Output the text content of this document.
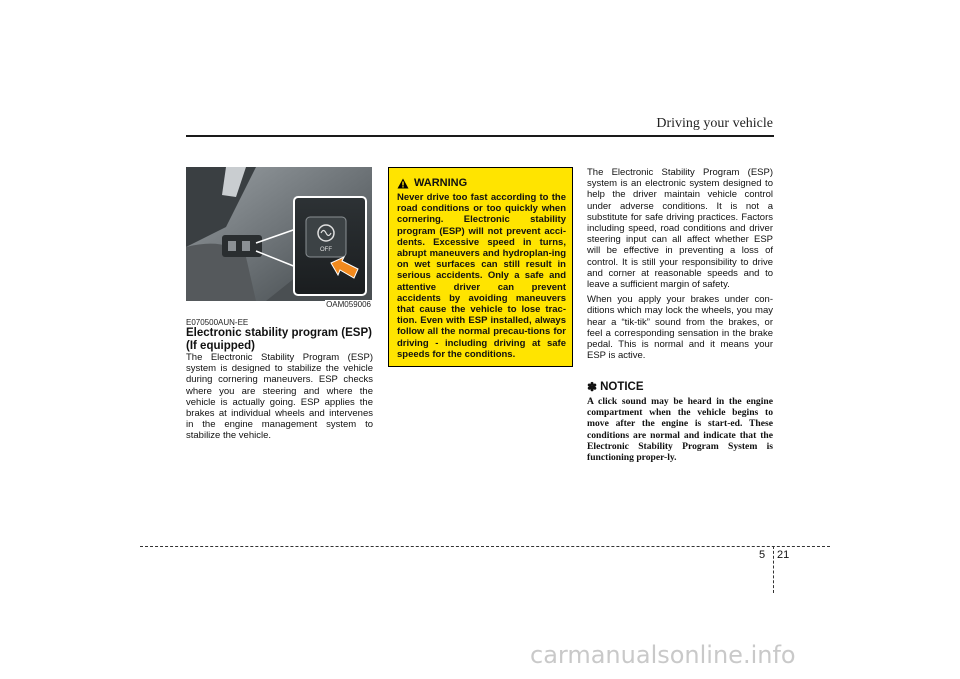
Driving your vehicle
OFF
OAM059006
E070500AUN-EE
Electronic stability program (ESP) (If equipped)

The Electronic Stability Program (ESP) system is designed to stabilize the vehicle during cornering maneuvers. ESP checks where you are steering and where the vehicle is actually going. ESP applies the brakes at individual wheels and intervenes in the engine management system to stabilize the vehicle.

WARNING

Never drive too fast according to the road conditions or too quickly when cornering. Electronic stability program (ESP) will not prevent acci-dents. Excessive speed in turns, abrupt maneuvers and hydroplan-ing on wet surfaces can still result in serious accidents. Only a safe and attentive driver can prevent accidents by avoiding maneuvers that cause the vehicle to lose trac-tion. Even with ESP installed, always follow all the normal precau-tions for driving - including driving at safe speeds for the conditions.

The Electronic Stability Program (ESP) system is an electronic system designed to help the driver maintain vehicle control under adverse conditions. It is not a substitute for safe driving practices. Factors including speed, road conditions and driver steering input can all affect whether ESP will be effective in preventing a loss of control. It is still your responsibility to drive and corner at reasonable speeds and to leave a sufficient margin of safety.

When you apply your brakes under con-ditions which may lock the wheels, you may hear a “tik-tik” sound from the brakes, or feel a corresponding sensation in the brake pedal. This is normal and it means your ESP is active.

✽ NOTICE

A click sound may be heard in the engine compartment when the vehicle begins to move after the engine is start-ed. These conditions are normal and indicate that the Electronic Stability Program System is functioning proper-ly.

5 21
carmanualsonline.info
